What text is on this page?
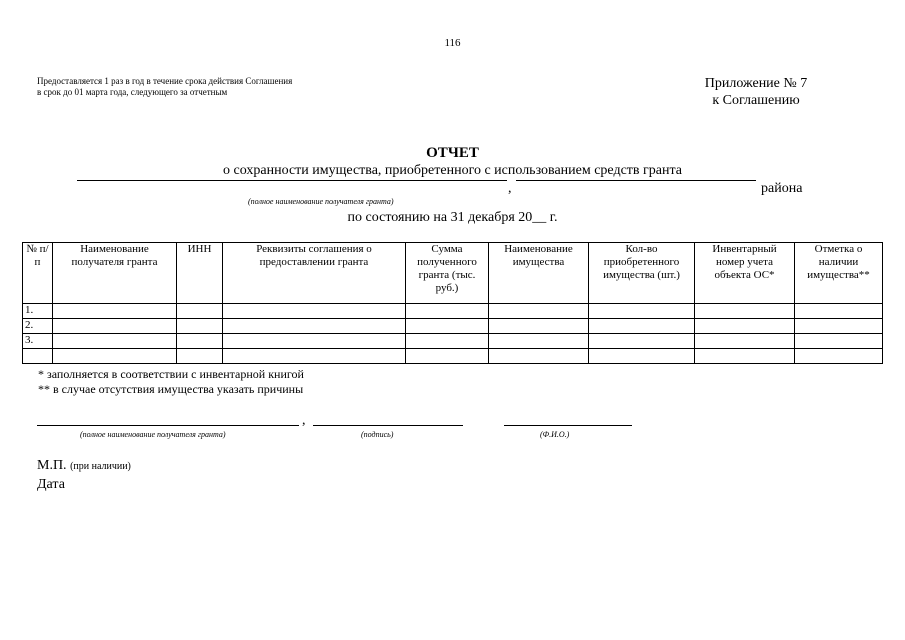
116
Предоставляется 1 раз в год в течение срока действия Соглашения
в срок до 01 марта года, следующего за отчетным
Приложение № 7
к Соглашению
ОТЧЕТ
о сохранности имущества, приобретенного с использованием средств гранта
,	района
(полное наименование получателя гранта)
по состоянию на 31 декабря 20__ г.
№ п/п	Наименование получателя гранта	ИНН	Реквизиты соглашения о предоставлении гранта	Сумма полученного гранта (тыс. руб.)	Наименование имущества	Кол-во приобретенного имущества (шт.)	Инвентарный номер учета объекта ОС*	Отметка о наличии имущества**
1.								
2.								
3.								

* заполняется в соответствии с инвентарной книгой
** в случае отсутствия имущества указать причины
,
(полное наименование получателя гранта)	(подпись)	(Ф.И.О.)
М.П. (при наличии)
Дата
